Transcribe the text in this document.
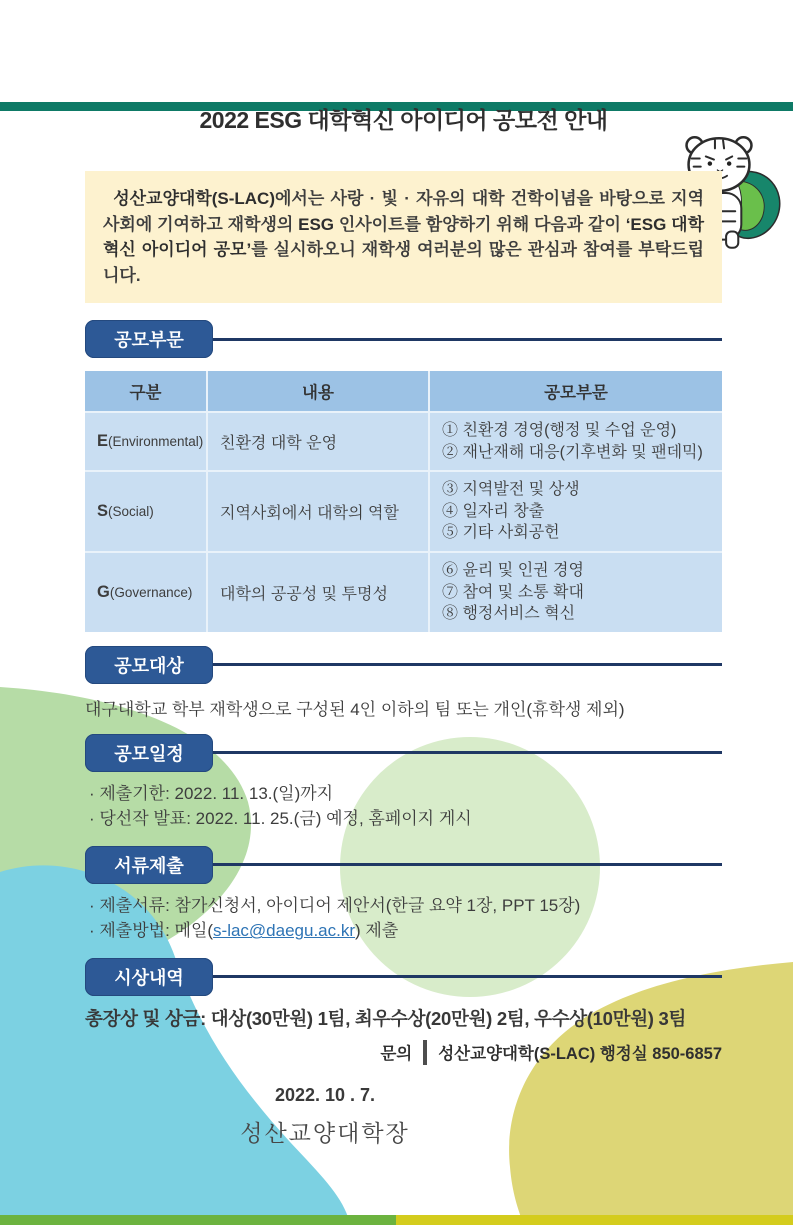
2022 ESG 대학혁신 아이디어 공모전 안내

성산교양대학(S-LAC)에서는 사랑 · 빛 · 자유의 대학 건학이념을 바탕으로 지역사회에 기여하고 재학생의 ESG 인사이트를 함양하기 위해 다음과 같이 ‘ESG 대학혁신 아이디어 공모’를 실시하오니 재학생 여러분의 많은 관심과 참여를 부탁드립니다.

공모부문
구분	내용	공모부문
E(Environmental)	친환경 대학 운영	
① 친환경 경영(행정 및 수업 운영)
② 재난재해 대응(기후변화 및 팬데믹)

S(Social)	지역사회에서 대학의 역할	
③ 지역발전 및 상생
④ 일자리 창출
⑤ 기타 사회공헌

G(Governance)	대학의 공공성 및 투명성	
⑥ 윤리 및 인권 경영
⑦ 참여 및 소통 확대
⑧ 행정서비스 혁신
공모대상
대구대학교 학부 재학생으로 구성된 4인 이하의 팀 또는 개인(휴학생 제외)
공모일정
· 제출기한: 2022. 11. 13.(일)까지
· 당선작 발표: 2022. 11. 25.(금) 예정, 홈페이지 게시
서류제출
· 제출서류: 참가신청서, 아이디어 제안서(한글 요약 1장, PPT 15장)
· 제출방법: 메일(s-lac@daegu.ac.kr) 제출
시상내역
총장상 및 상금: 대상(30만원) 1팀, 최우수상(20만원) 2팀, 우수상(10만원) 3팀
문의 성산교양대학(S-LAC) 행정실 850-6857
2022. 10 . 7.
성산교양대학장
